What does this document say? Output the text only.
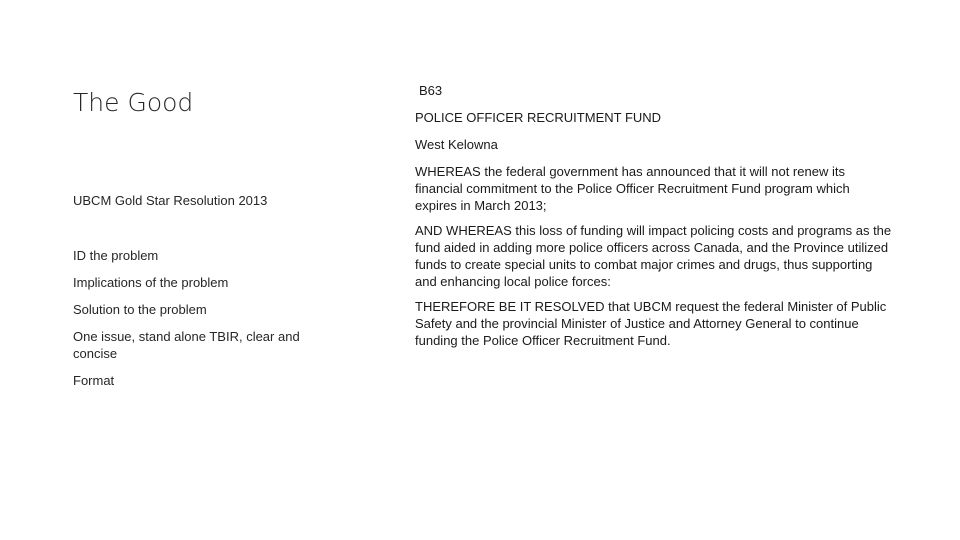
The Good

UBCM Gold Star Resolution 2013

ID the problem

Implications of the problem

Solution to the problem

One issue, stand alone TBIR, clear and concise

Format

B63

POLICE OFFICER RECRUITMENT FUND

West Kelowna

WHEREAS the federal government has announced that it will not renew its financial commitment to the Police Officer Recruitment Fund program which expires in March 2013;

AND WHEREAS this loss of funding will impact policing costs and programs as the fund aided in adding more police officers across Canada, and the Province utilized funds to create special units to combat major crimes and drugs, thus supporting and enhancing local police forces:

THEREFORE BE IT RESOLVED that UBCM request the federal Minister of Public Safety and the provincial Minister of Justice and Attorney General to continue funding the Police Officer Recruitment Fund.
